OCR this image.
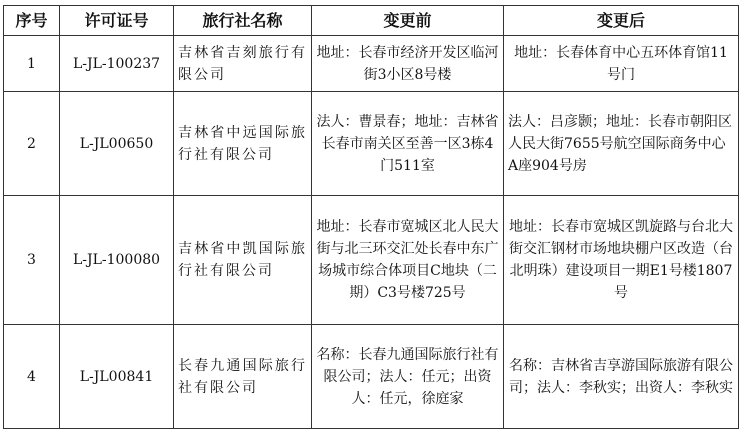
序号	许可证号	旅行社名称	变更前	变更后
1	L-JL-100237	吉林省吉刻旅行有限公司	地址：长春市经济开发区临河街3小区8号楼	地址：长春体育中心五环体育馆11号门
2	L-JL00650	吉林省中远国际旅行社有限公司	法人：曹景春；地址：吉林省长春市南关区至善一区3栋4门511室	法人：吕彦颢；地址：长春市朝阳区人民大街7655号航空国际商务中心A座904号房
3	L-JL-100080	吉林省中凯国际旅行社有限公司	地址：长春市宽城区北人民大街与北三环交汇处长春中东广场城市综合体项目C地块（二期）C3号楼725号	地址：长春市宽城区凯旋路与台北大街交汇钢材市场地块棚户区改造（台北明珠）建设项目一期E1号楼1807号
4	L-JL00841	长春九通国际旅行社有限公司	名称：长春九通国际旅行社有限公司；法人：任元；出资人：任元，徐庭家	名称：吉林省吉享游国际旅游有限公司；法人：李秋实；出资人：李秋实
